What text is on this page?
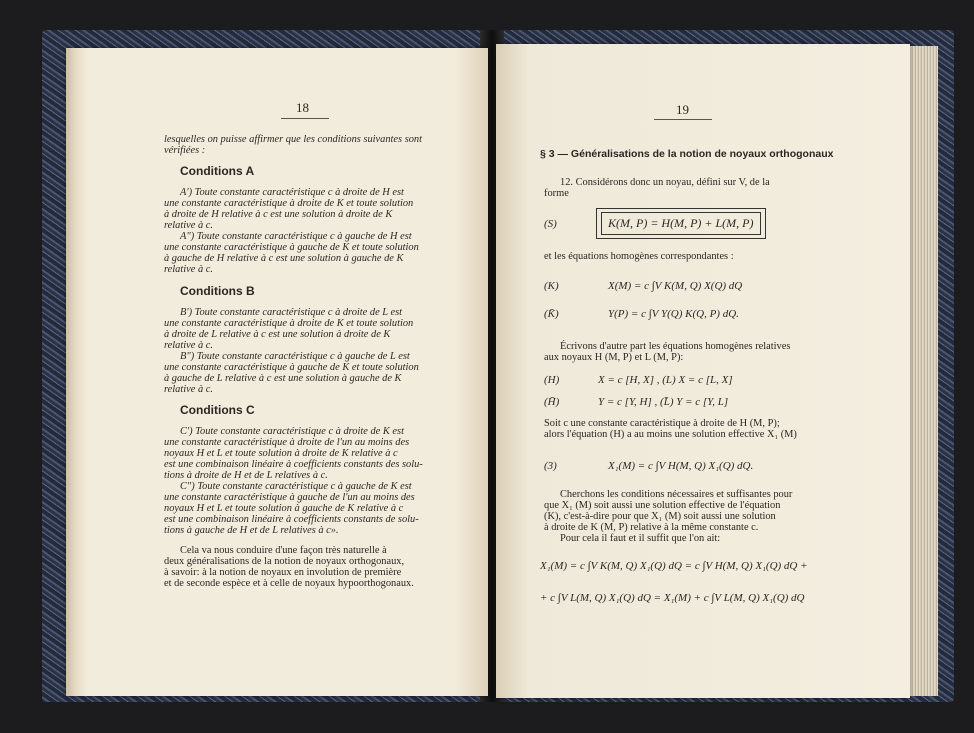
18
lesquelles on puisse affirmer que les conditions suivantes sont
vérifiées :
Conditions A
A') Toute constante caractéristique c à droite de H est
une constante caractéristique à droite de K et toute solution
à droite de H relative à c est une solution à droite de K
relative à c.
A") Toute constante caractéristique c à gauche de H est
une constante caractéristique à gauche de K et toute solution
à gauche de H relative à c est une solution à gauche de K
relative à c.
Conditions B
B') Toute constante caractéristique c à droite de L est
une constante caractéristique à droite de K et toute solution
à droite de L relative à c est une solution à droite de K
relative à c.
B") Toute constante caractéristique c à gauche de L est
une constante caractéristique à gauche de K et toute solution
à gauche de L relative à c est une solution à gauche de K
relative à c.
Conditions C
C') Toute constante caractéristique c à droite de K est
une constante caractéristique à droite de l'un au moins des
noyaux H et L et toute solution à droite de K relative à c
est une combinaison linéaire à coefficients constants des solu-
tions à droite de H et de L relatives à c.
C") Toute constante caractéristique c à gauche de K est
une constante caractéristique à gauche de l'un au moins des
noyaux H et L et toute solution à gauche de K relative à c
est une combinaison linéaire à coefficients constants de solu-
tions à gauche de H et de L relatives à c».
Cela va nous conduire d'une façon très naturelle à
deux généralisations de la notion de noyaux orthogonaux,
à savoir: à la notion de noyaux en involution de première
et de seconde espèce et à celle de noyaux hypoorthogonaux.
19
§ 3 — Généralisations de la notion de noyaux orthogonaux
12. Considérons donc un noyau, défini sur V, de la
forme
(S)	K(M, P) = H(M, P) + L(M, P)
et les équations homogènes correspondantes :
(K)	X(M) = c ∫V K(M, Q) X(Q) dQ
(K̄)	Y(P) = c ∫V Y(Q) K(Q, P) dQ.
Écrivons d'autre part les équations homogènes relatives
aux noyaux H (M, P) et L (M, P):
(H)	X = c [H, X] , (L) X = c [L, X]
(H̄)	Y = c [Y, H] , (L̄) Y = c [Y, L]
Soit c une constante caractéristique à droite de H (M, P);
alors l'équation (H) a au moins une solution effective X₁ (M)
(3)	X₁(M) = c ∫V H(M, Q) X₁(Q) dQ.
Cherchons les conditions nécessaires et suffisantes pour
que X₁ (M) soit aussi une solution effective de l'équation
(K), c'est-à-dire pour que X₁ (M) soit aussi une solution
à droite de K (M, P) relative à la même constante c.
Pour cela il faut et il suffit que l'on ait:
X₁(M) = c ∫V K(M, Q) X₁(Q) dQ = c ∫V H(M, Q) X₁(Q) dQ +
+ c ∫V L(M, Q) X₁(Q) dQ = X₁(M) + c ∫V L(M, Q) X₁(Q) dQ
